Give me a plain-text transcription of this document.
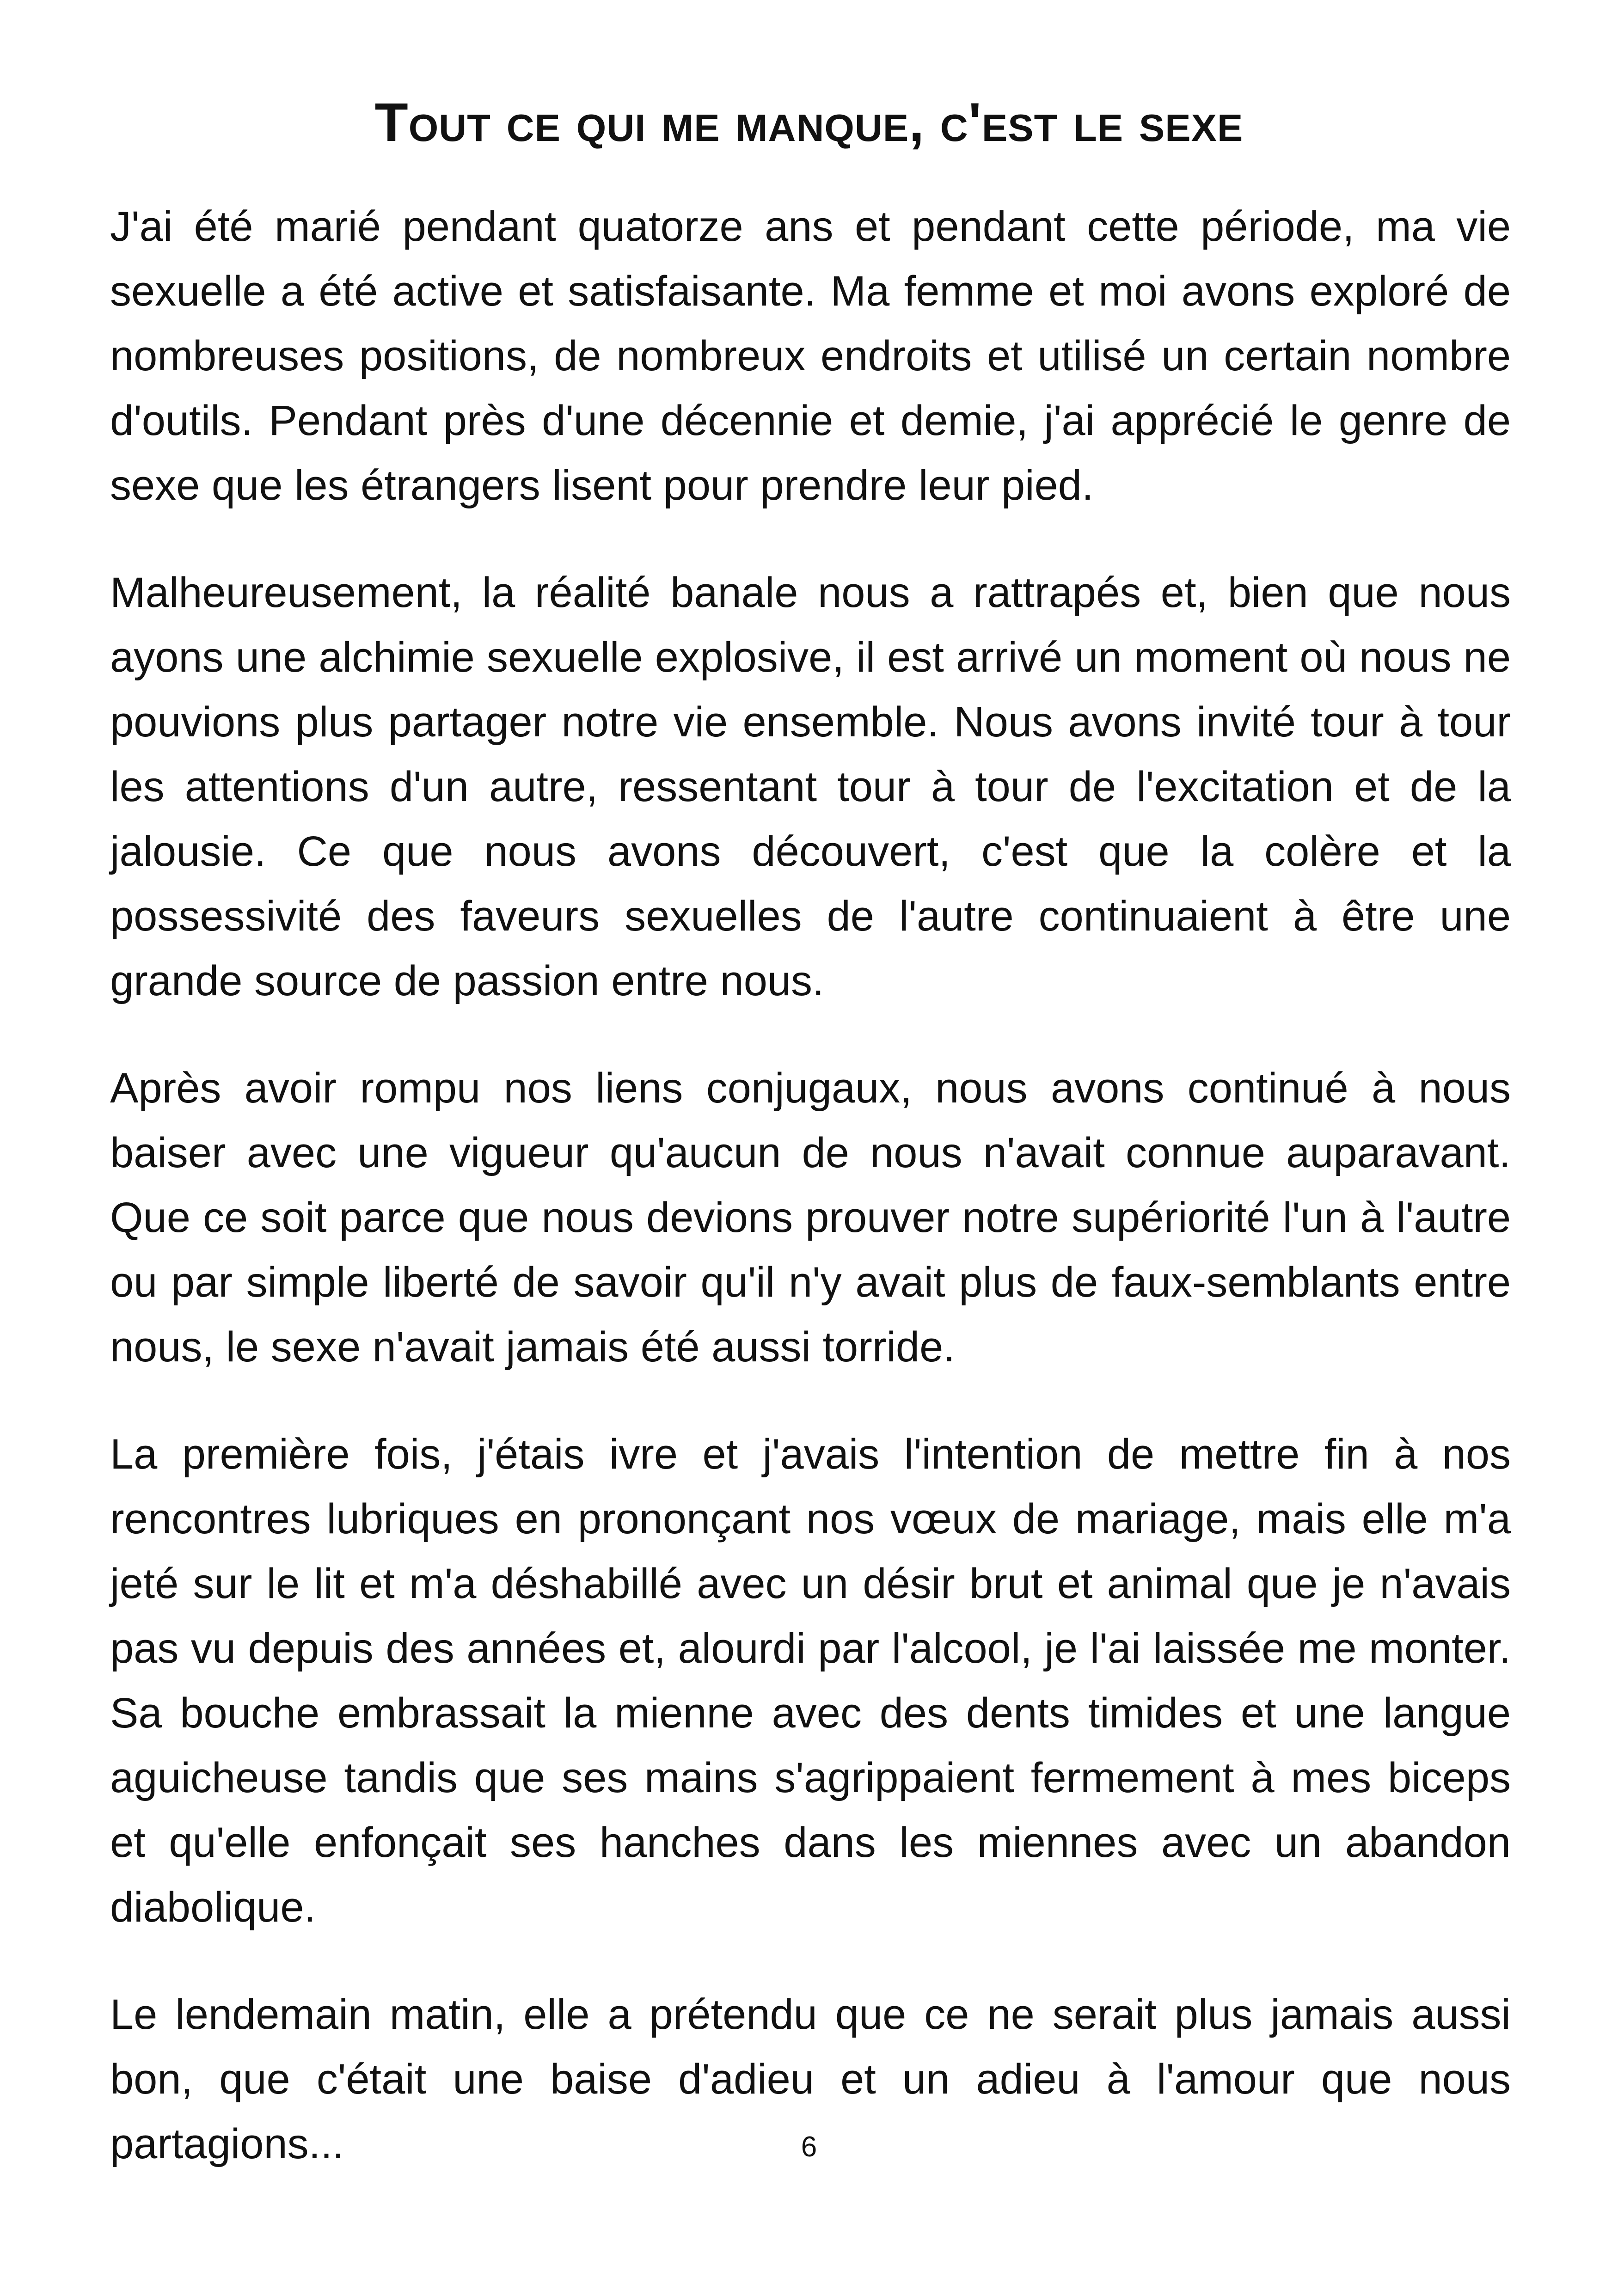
Tout ce qui me manque, c'est le sexe

J'ai été marié pendant quatorze ans et pendant cette période, ma vie sexuelle a été active et satisfaisante. Ma femme et moi avons exploré de nombreuses positions, de nombreux endroits et utilisé un certain nombre d'outils. Pendant près d'une décennie et demie, j'ai apprécié le genre de sexe que les étrangers lisent pour prendre leur pied.

Malheureusement, la réalité banale nous a rattrapés et, bien que nous ayons une alchimie sexuelle explosive, il est arrivé un moment où nous ne pouvions plus partager notre vie ensemble. Nous avons invité tour à tour les attentions d'un autre, ressentant tour à tour de l'excitation et de la jalousie. Ce que nous avons découvert, c'est que la colère et la possessivité des faveurs sexuelles de l'autre continuaient à être une grande source de passion entre nous.

Après avoir rompu nos liens conjugaux, nous avons continué à nous baiser avec une vigueur qu'aucun de nous n'avait connue auparavant. Que ce soit parce que nous devions prouver notre supériorité l'un à l'autre ou par simple liberté de savoir qu'il n'y avait plus de faux-semblants entre nous, le sexe n'avait jamais été aussi torride.

La première fois, j'étais ivre et j'avais l'intention de mettre fin à nos rencontres lubriques en prononçant nos vœux de mariage, mais elle m'a jeté sur le lit et m'a déshabillé avec un désir brut et animal que je n'avais pas vu depuis des années et, alourdi par l'alcool, je l'ai laissée me monter. Sa bouche embrassait la mienne avec des dents timides et une langue aguicheuse tandis que ses mains s'agrippaient fermement à mes biceps et qu'elle enfonçait ses hanches dans les miennes avec un abandon diabolique.

Le lendemain matin, elle a prétendu que ce ne serait plus jamais aussi bon, que c'était une baise d'adieu et un adieu à l'amour que nous partagions...	6
